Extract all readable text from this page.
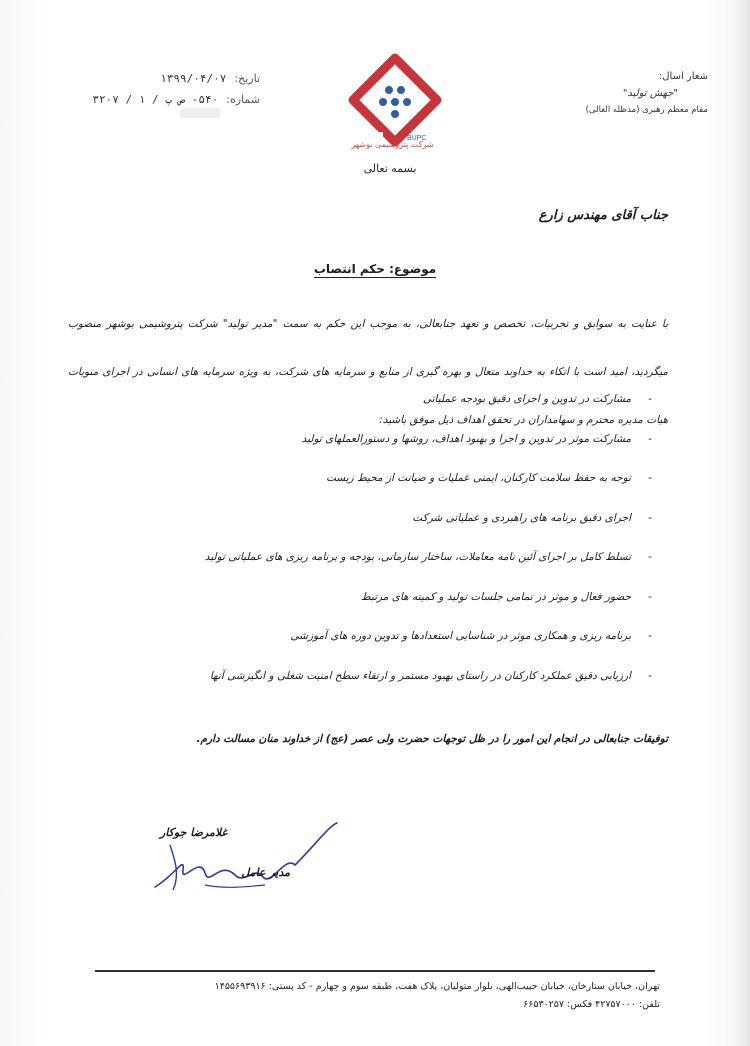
شعار اسال:
"جهش تولید"
مقام معظم رهبری (مدظله العالی)
BUPC
شرکت پتروشیمی بوشهر
بسمه تعالی
تاریخ:
۱۳۹۹/۰۴/۰۷
شماره:
۵۴۰- ص پ / ۱ / ۳۲۰۷
جناب آقای مهندس زارع
موضوع: حکم انتصاب
با عنایت به سوابق و تجربیات، تخصص و تعهد جنابعالی، به موجب این حکم به سمت "مدیر تولید" شرکت پتروشیمی بوشهر منصوب میگردید، امید است با اتکاء به خداوند متعال و بهره گیری از منابع و سرمایه های شرکت، به ویژه سرمایه های انسانی در اجرای منویات هیات مدیره محترم و سهامداران در تحقق اهداف ذیل موفق باشید:
-
مشارکت در تدوین و اجرای دقیق بودجه عملیاتی
-
مشارکت موثر در تدوین و اجرا و بهبود اهداف، روشها و دستورالعملهای تولید
-
توجه به حفظ سلامت کارکنان، ایمنی عملیات و صیانت از محیط زیست
-
اجرای دقیق برنامه های راهبردی و عملیاتی شرکت
-
تسلط کامل بر اجرای آئین نامه معاملات، ساختار سازمانی، بودجه و برنامه ریزی های عملیاتی تولید
-
حضور فعال و موثر در تمامی جلسات تولید و کمیته های مرتبط
-
برنامه ریزی و همکاری موثر در شناسایی استعدادها و تدوین دوره های آموزشی
-
ارزیابی دقیق عملکرد کارکنان در راستای بهبود مستمر و ارتقاء سطح امنیت شغلی و انگیزشی آنها
توفیقات جنابعالی در انجام این امور را در ظل توجهات حضرت ولی عصر (عج) از خداوند منان مسالت دارم.
غلامرضا جوکار
مدیر عامل
تهران، خیابان ستارخان، خیابان حبیب‌الهی، بلوار متولیان، پلاک هفت، طبقه سوم و چهارم - کد پستی: ۱۴۵۵۶۹۳۹۱۶
تلفن: ۴۲۷۵۷۰۰۰ فکس: ۶۶۵۳۰۲۵۷
